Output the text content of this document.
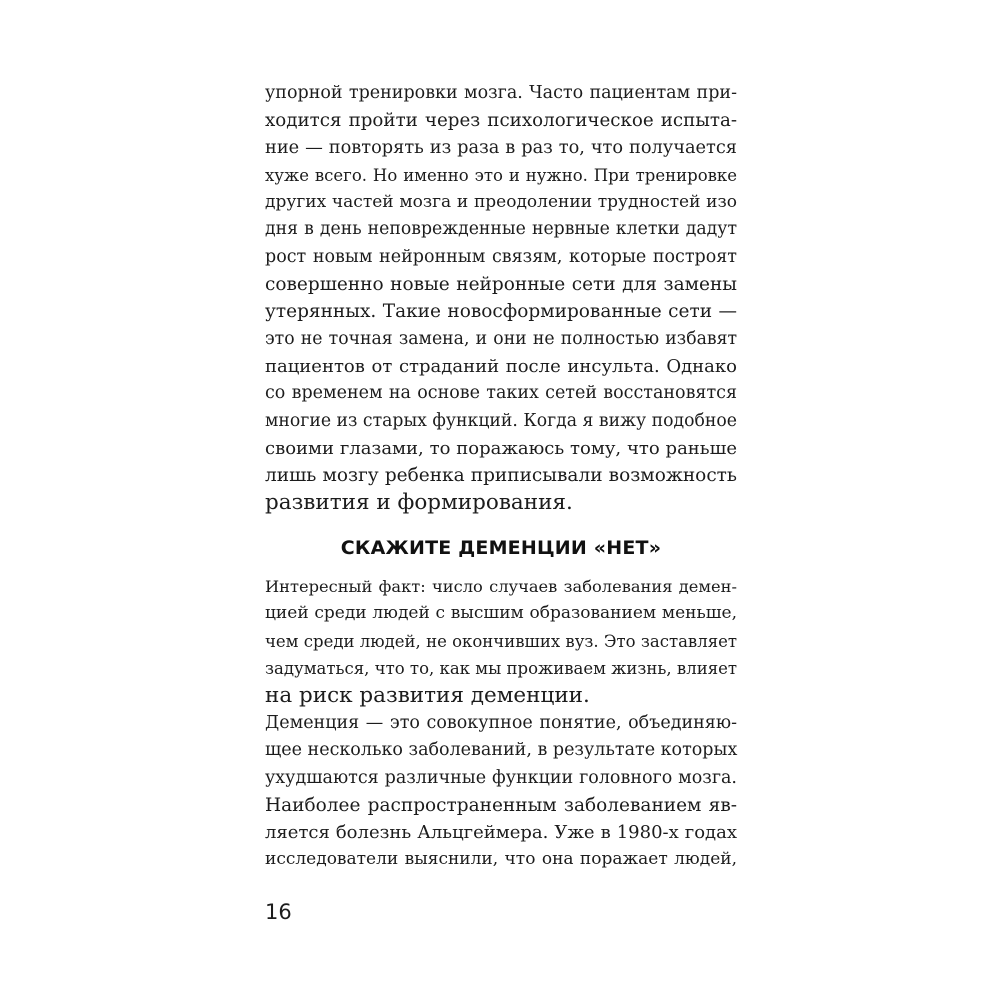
упорной тренировки мозга. Часто пациентам при-
ходится пройти через психологическое испыта-
ние — повторять из раза в раз то, что получается
хуже всего. Но именно это и нужно. При тренировке
других частей мозга и преодолении трудностей изо
дня в день неповрежденные нервные клетки дадут
рост новым нейронным связям, которые построят
совершенно новые нейронные сети для замены
утерянных. Такие новосформированные сети —
это не точная замена, и они не полностью избавят
пациентов от страданий после инсульта. Однако
со временем на основе таких сетей восстановятся
многие из старых функций. Когда я вижу подобное
своими глазами, то поражаюсь тому, что раньше
лишь мозгу ребенка приписывали возможность
развития и формирования.
СКАЖИТЕ ДЕМЕНЦИИ «НЕТ»
Интересный факт: число случаев заболевания демен-
цией среди людей с высшим образованием меньше,
чем среди людей, не окончивших вуз. Это заставляет
задуматься, что то, как мы проживаем жизнь, влияет
на риск развития деменции.
Деменция — это совокупное понятие, объединяю-
щее несколько заболеваний, в результате которых
ухудшаются различные функции головного мозга.
Наиболее распространенным заболеванием яв-
ляется болезнь Альцгеймера. Уже в 1980-х годах
исследователи выяснили, что она поражает людей,
16
